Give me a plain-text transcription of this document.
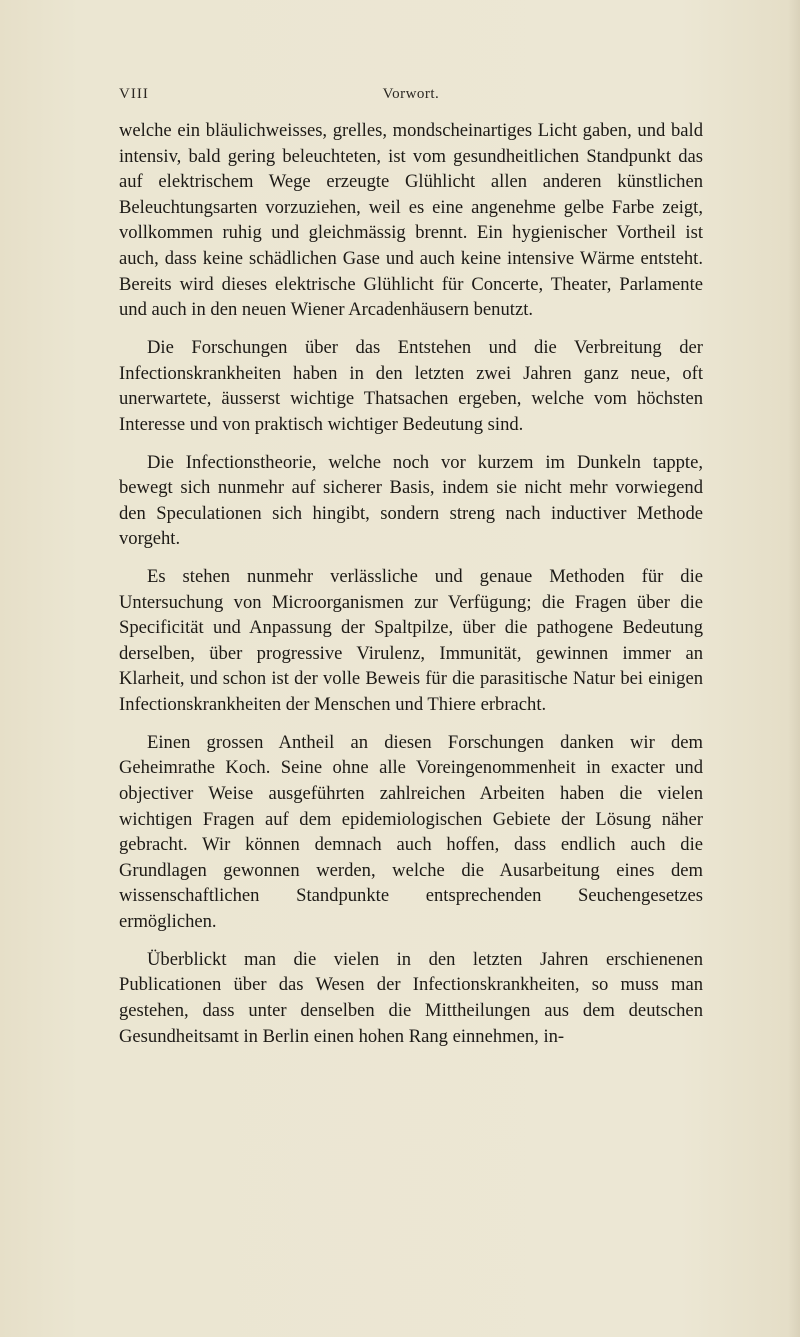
VIII	Vorwort.

welche ein bläulichweisses, grelles, mondscheinartiges Licht gaben, und bald intensiv, bald gering beleuchteten, ist vom gesundheitlichen Standpunkt das auf elektrischem Wege erzeugte Glühlicht allen anderen künstlichen Beleuchtungsarten vorzuziehen, weil es eine angenehme gelbe Farbe zeigt, vollkommen ruhig und gleichmässig brennt. Ein hygienischer Vortheil ist auch, dass keine schädlichen Gase und auch keine intensive Wärme entsteht. Bereits wird dieses elektrische Glühlicht für Concerte, Theater, Parlamente und auch in den neuen Wiener Arcadenhäusern benutzt.

Die Forschungen über das Entstehen und die Verbreitung der Infectionskrankheiten haben in den letzten zwei Jahren ganz neue, oft unerwartete, äusserst wichtige Thatsachen ergeben, welche vom höchsten Interesse und von praktisch wichtiger Bedeutung sind.

Die Infectionstheorie, welche noch vor kurzem im Dunkeln tappte, bewegt sich nunmehr auf sicherer Basis, indem sie nicht mehr vorwiegend den Speculationen sich hingibt, sondern streng nach inductiver Methode vorgeht.

Es stehen nunmehr verlässliche und genaue Methoden für die Untersuchung von Microorganismen zur Verfügung; die Fragen über die Specificität und Anpassung der Spaltpilze, über die pathogene Bedeutung derselben, über progressive Virulenz, Immunität, gewinnen immer an Klarheit, und schon ist der volle Beweis für die parasitische Natur bei einigen Infectionskrankheiten der Menschen und Thiere erbracht.

Einen grossen Antheil an diesen Forschungen danken wir dem Geheimrathe Koch. Seine ohne alle Voreingenommenheit in exacter und objectiver Weise ausgeführten zahlreichen Arbeiten haben die vielen wichtigen Fragen auf dem epidemiologischen Gebiete der Lösung näher gebracht. Wir können demnach auch hoffen, dass endlich auch die Grundlagen gewonnen werden, welche die Ausarbeitung eines dem wissenschaftlichen Standpunkte entsprechenden Seuchengesetzes ermöglichen.

Überblickt man die vielen in den letzten Jahren erschienenen Publicationen über das Wesen der Infectionskrankheiten, so muss man gestehen, dass unter denselben die Mittheilungen aus dem deutschen Gesundheitsamt in Berlin einen hohen Rang einnehmen, in-
